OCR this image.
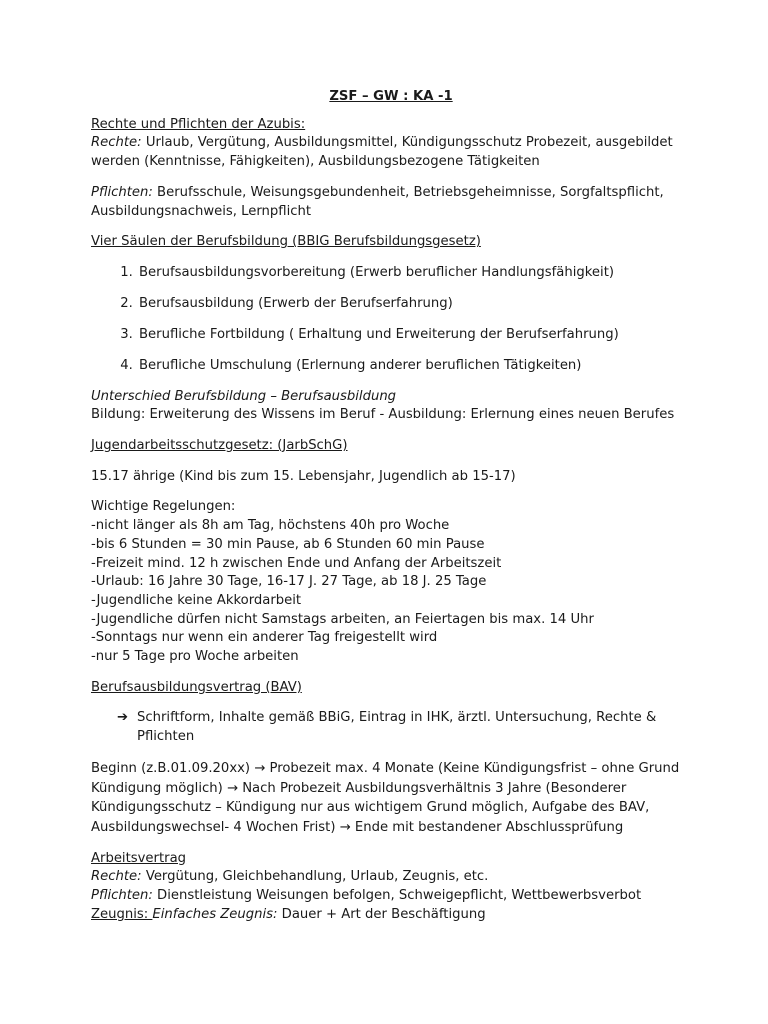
ZSF – GW : KA -1

Rechte und Pflichten der Azubis:

Rechte: Urlaub, Vergütung, Ausbildungsmittel, Kündigungsschutz Probezeit, ausgebildet werden (Kenntnisse, Fähigkeiten), Ausbildungsbezogene Tätigkeiten

Pflichten: Berufsschule, Weisungsgebundenheit, Betriebsgeheimnisse, Sorgfaltspflicht, Ausbildungsnachweis, Lernpflicht

Vier Säulen der Berufsbildung (BBIG Berufsbildungsgesetz)

1. Berufsausbildungsvorbereitung (Erwerb beruflicher Handlungsfähigkeit)
2. Berufsausbildung (Erwerb der Berufserfahrung)
3. Berufliche Fortbildung ( Erhaltung und Erweiterung der Berufserfahrung)
4. Berufliche Umschulung (Erlernung anderer beruflichen Tätigkeiten)

Unterschied Berufsbildung – Berufsausbildung

Bildung: Erweiterung des Wissens im Beruf - Ausbildung: Erlernung eines neuen Berufes

Jugendarbeitsschutzgesetz: (JarbSchG)

15.17 ährige (Kind bis zum 15. Lebensjahr, Jugendlich ab 15-17)

Wichtige Regelungen:

-nicht länger als 8h am Tag, höchstens 40h pro Woche

-bis 6 Stunden = 30 min Pause, ab 6 Stunden 60 min Pause

-Freizeit mind. 12 h zwischen Ende und Anfang der Arbeitszeit

-Urlaub: 16 Jahre 30 Tage, 16-17 J. 27 Tage, ab 18 J. 25 Tage

-Jugendliche keine Akkordarbeit

-Jugendliche dürfen nicht Samstags arbeiten, an Feiertagen bis max. 14 Uhr

-Sonntags nur wenn ein anderer Tag freigestellt wird

-nur 5 Tage pro Woche arbeiten

Berufsausbildungsvertrag (BAV)

➔ Schriftform, Inhalte gemäß BBiG, Eintrag in IHK, ärztl. Untersuchung, Rechte & Pflichten

Beginn (z.B.01.09.20xx) → Probezeit max. 4 Monate (Keine Kündigungsfrist – ohne Grund Kündigung möglich) → Nach Probezeit Ausbildungsverhältnis 3 Jahre (Besonderer Kündigungsschutz – Kündigung nur aus wichtigem Grund möglich, Aufgabe des BAV, Ausbildungswechsel- 4 Wochen Frist) → Ende mit bestandener Abschlussprüfung

Arbeitsvertrag

Rechte: Vergütung, Gleichbehandlung, Urlaub, Zeugnis, etc.

Pflichten: Dienstleistung Weisungen befolgen, Schweigepflicht, Wettbewerbsverbot

Zeugnis: Einfaches Zeugnis: Dauer + Art der Beschäftigung
